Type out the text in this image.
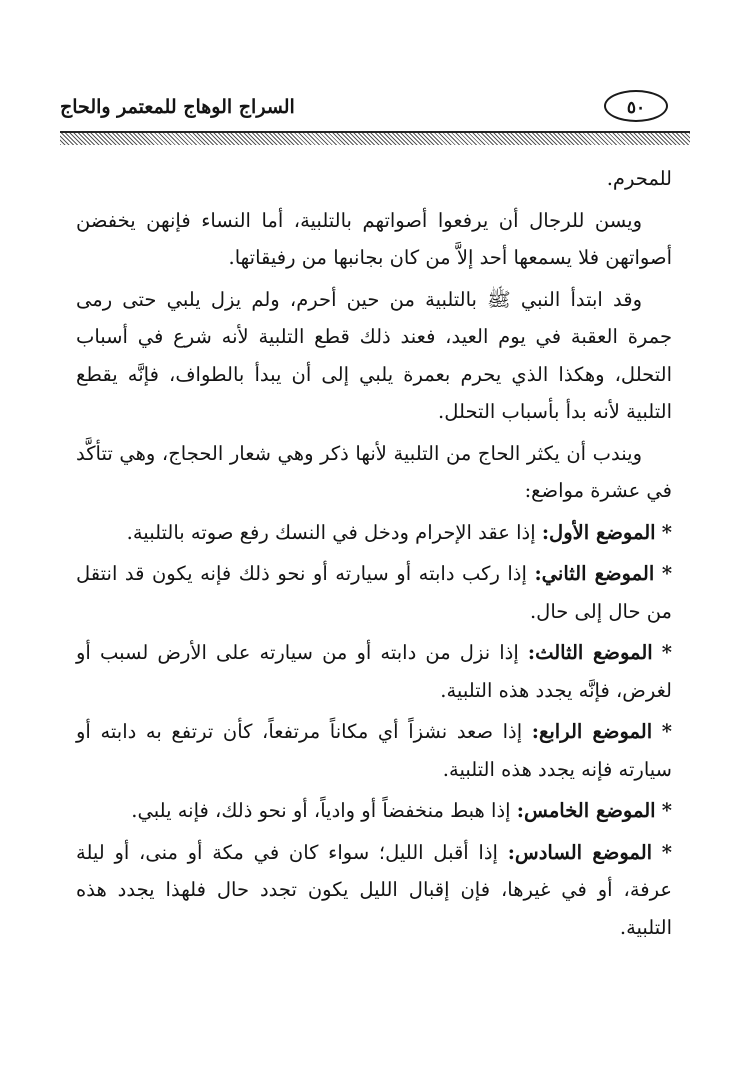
٥٠
السراج الوهاج للمعتمر والحاج

للمحرم.

ويسن للرجال أن يرفعوا أصواتهم بالتلبية، أما النساء فإنهن يخفضن أصواتهن فلا يسمعها أحد إلاَّ من كان بجانبها من رفيقاتها.

وقد ابتدأ النبي ﷺ بالتلبية من حين أحرم، ولم يزل يلبي حتى رمى جمرة العقبة في يوم العيد، فعند ذلك قطع التلبية لأنه شرع في أسباب التحلل، وهكذا الذي يحرم بعمرة يلبي إلى أن يبدأ بالطواف، فإنَّه يقطع التلبية لأنه بدأ بأسباب التحلل.

ويندب أن يكثر الحاج من التلبية لأنها ذكر وهي شعار الحجاج، وهي تتأكَّد في عشرة مواضع:

* الموضع الأول: إذا عقد الإحرام ودخل في النسك رفع صوته بالتلبية.

* الموضع الثاني: إذا ركب دابته أو سيارته أو نحو ذلك فإنه يكون قد انتقل من حال إلى حال.

* الموضع الثالث: إذا نزل من دابته أو من سيارته على الأرض لسبب أو لغرض، فإنَّه يجدد هذه التلبية.

* الموضع الرابع: إذا صعد نشزاً أي مكاناً مرتفعاً، كأن ترتفع به دابته أو سيارته فإنه يجدد هذه التلبية.

* الموضع الخامس: إذا هبط منخفضاً أو وادياً، أو نحو ذلك، فإنه يلبي.

* الموضع السادس: إذا أقبل الليل؛ سواء كان في مكة أو منى، أو ليلة عرفة، أو في غيرها، فإن إقبال الليل يكون تجدد حال فلهذا يجدد هذه التلبية.
